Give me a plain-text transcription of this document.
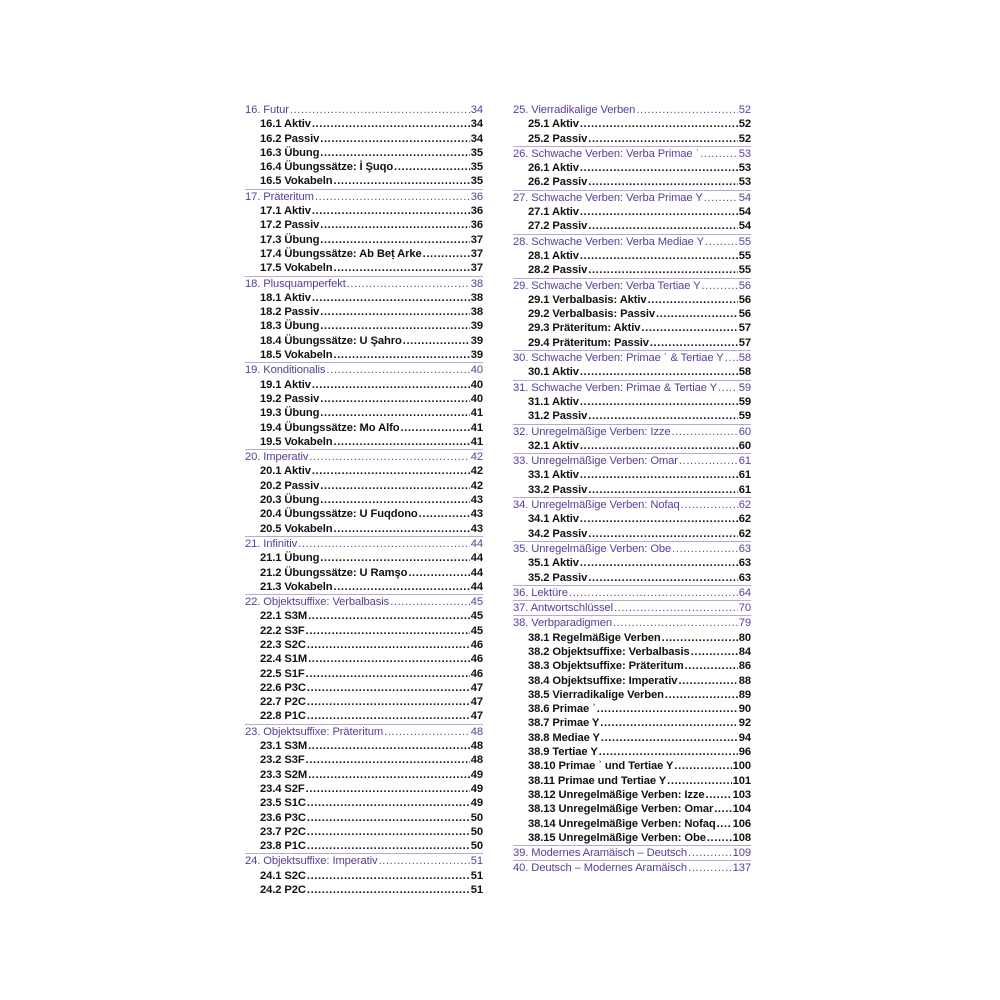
16. Futur .....	34
16.1 Aktiv .....	34
16.2 Passiv .....	34
16.3 Übung .....	35
16.4 Übungssätze: İ Şuqo .....	35
16.5 Vokabeln .....	35
17. Präteritum .....	36
17.1 Aktiv .....	36
17.2 Passiv .....	36
17.3 Übung .....	37
17.4 Übungssätze: Ab Beṭ Arke .....	37
17.5 Vokabeln .....	37
18. Plusquamperfekt .....	38
18.1 Aktiv .....	38
18.2 Passiv .....	38
18.3 Übung .....	39
18.4 Übungssätze: U Şahro .....	39
18.5 Vokabeln .....	39
19. Konditionalis .....	40
19.1 Aktiv .....	40
19.2 Passiv .....	40
19.3 Übung .....	41
19.4 Übungssätze: Mo Alfo .....	41
19.5 Vokabeln .....	41
20. Imperativ .....	42
20.1 Aktiv .....	42
20.2 Passiv .....	42
20.3 Übung .....	43
20.4 Übungssätze: U Fuqdono .....	43
20.5 Vokabeln .....	43
21. Infinitiv .....	44
21.1 Übung .....	44
21.2 Übungssätze: U Ramşo .....	44
21.3 Vokabeln .....	44
22. Objektsuffixe: Verbalbasis .....	45
22.1 S3M .....	45
22.2 S3F .....	45
22.3 S2C .....	46
22.4 S1M .....	46
22.5 S1F .....	46
22.6 P3C .....	47
22.7 P2C .....	47
22.8 P1C .....	47
23. Objektsuffixe: Präteritum .....	48
23.1 S3M .....	48
23.2 S3F .....	48
23.3 S2M .....	49
23.4 S2F .....	49
23.5 S1C .....	49
23.6 P3C .....	50
23.7 P2C .....	50
23.8 P1C .....	50
24. Objektsuffixe: Imperativ .....	51
24.1 S2C .....	51
24.2 P2C .....	51
25. Vierradikalige Verben .....	52
25.1 Aktiv .....	52
25.2 Passiv .....	52
26. Schwache Verben: Verba Primae ʾ .....	53
26.1 Aktiv .....	53
26.2 Passiv .....	53
27. Schwache Verben: Verba Primae Y .....	54
27.1 Aktiv .....	54
27.2 Passiv .....	54
28. Schwache Verben: Verba Mediae Y .....	55
28.1 Aktiv .....	55
28.2 Passiv .....	55
29. Schwache Verben: Verba Tertiae Y .....	56
29.1 Verbalbasis: Aktiv .....	56
29.2 Verbalbasis: Passiv .....	56
29.3 Präteritum: Aktiv .....	57
29.4 Präteritum: Passiv .....	57
30. Schwache Verben: Primae ʾ & Tertiae Y ..... 58
30.1 Aktiv .....	58
31. Schwache Verben: Primae & Tertiae Y ..... 59
31.1 Aktiv .....	59
31.2 Passiv .....	59
32. Unregelmäßige Verben: Izze .....	60
32.1 Aktiv .....	60
33. Unregelmäßige Verben: Omar .....	61
33.1 Aktiv .....	61
33.2 Passiv .....	61
34. Unregelmäßige Verben: Nofaq .....	62
34.1 Aktiv .....	62
34.2 Passiv .....	62
35. Unregelmäßige Verben: Obe .....	63
35.1 Aktiv .....	63
35.2 Passiv .....	63
36. Lektüre .....	64
37. Antwortschlüssel .....	70
38. Verbparadigmen .....	79
38.1 Regelmäßige Verben .....	80
38.2 Objektsuffixe: Verbalbasis .....	84
38.3 Objektsuffixe: Präteritum .....	86
38.4 Objektsuffixe: Imperativ .....	88
38.5 Vierradikalige Verben .....	89
38.6 Primae ʾ .....	90
38.7 Primae Y .....	92
38.8 Mediae Y .....	94
38.9 Tertiae Y .....	96
38.10 Primae ʾ und Tertiae Y .....	100
38.11 Primae und Tertiae Y .....	101
38.12 Unregelmäßige Verben: Izze .....	103
38.13 Unregelmäßige Verben: Omar ..... 104
38.14 Unregelmäßige Verben: Nofaq ..... 106
38.15 Unregelmäßige Verben: Obe ..... 108
39. Modernes Aramäisch – Deutsch .....	109
40. Deutsch – Modernes Aramäisch .....	137
